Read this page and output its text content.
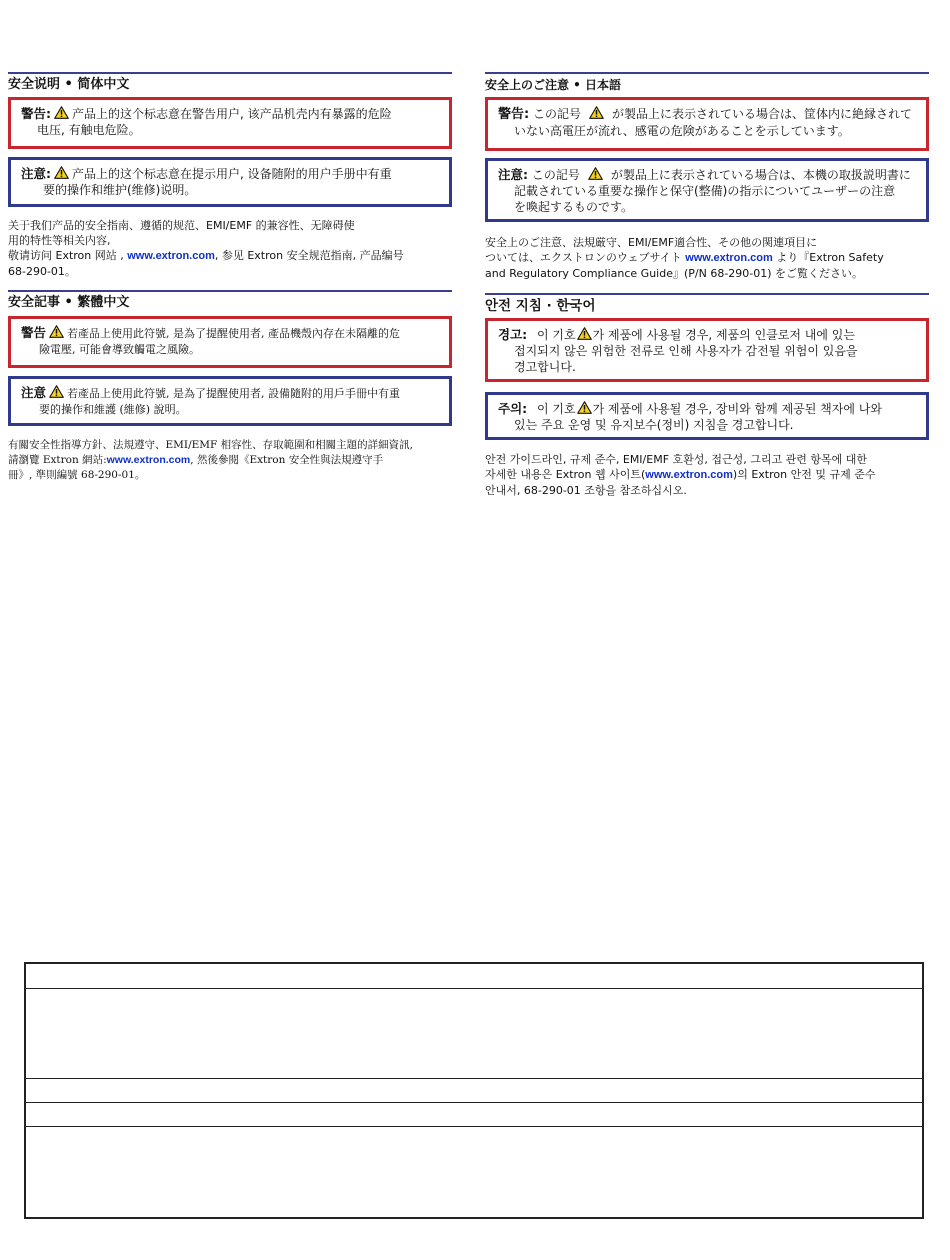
安全说明 • 简体中文
警告: 产品上的这个标志意在警告用户, 该产品机壳内有暴露的危险
电压, 有触电危险。
注意: 产品上的这个标志意在提示用户, 设备随附的用户手册中有重
要的操作和维护(维修)说明。
关于我们产品的安全指南、遵循的规范、EMI/EMF 的兼容性、无障碍使
用的特性等相关内容,
敬请访问 Extron 网站 , www.extron.com, 参见 Extron 安全规范指南, 产品编号
68-290-01。
安全記事 • 繁體中文
警告 若產品上使用此符號, 是為了提醒使用者, 產品機殼內存在未隔離的危
險電壓, 可能會導致觸電之風險。
注意 若產品上使用此符號, 是為了提醒使用者, 設備隨附的用戶手冊中有重
要的操作和維護 (維修) 說明。
有關安全性指導方針、法規遵守、EMI/EMF 相容性、存取範圍和相關主題的詳細資訊,
請瀏覽 Extron 網站:www.extron.com, 然後參閱《Extron 安全性與法規遵守手
冊》, 準則編號 68-290-01。
安全上のご注意 • 日本語
警告: この記号	が製品上に表示されている場合は、筐体内に絶縁されて
いない高電圧が流れ、感電の危険があることを示しています。
注意: この記号	が製品上に表示されている場合は、本機の取扱説明書に
記載されている重要な操作と保守(整備)の指示についてユーザーの注意
を喚起するものです。
安全上のご注意、法規厳守、EMI/EMF適合性、その他の関連項目に
ついては、エクストロンのウェブサイト www.extron.com より『Extron Safety
and Regulatory Compliance Guide』(P/N 68-290-01) をご覧ください。
안전 지침 · 한국어
경고: 이 기호 가 제품에 사용될 경우, 제품의 인클로저 내에 있는
접지되지 않은 위험한 전류로 인해 사용자가 감전될 위험이 있음을
경고합니다.
주의: 이 기호 가 제품에 사용될 경우, 장비와 함께 제공된 책자에 나와
있는 주요 운영 및 유지보수(정비) 지침을 경고합니다.
안전 가이드라인, 규제 준수, EMI/EMF 호환성, 접근성, 그리고 관련 항목에 대한
자세한 내용은 Extron 웹 사이트(www.extron.com)의 Extron 안전 및 규제 준수
안내서, 68-290-01 조항을 참조하십시오.
